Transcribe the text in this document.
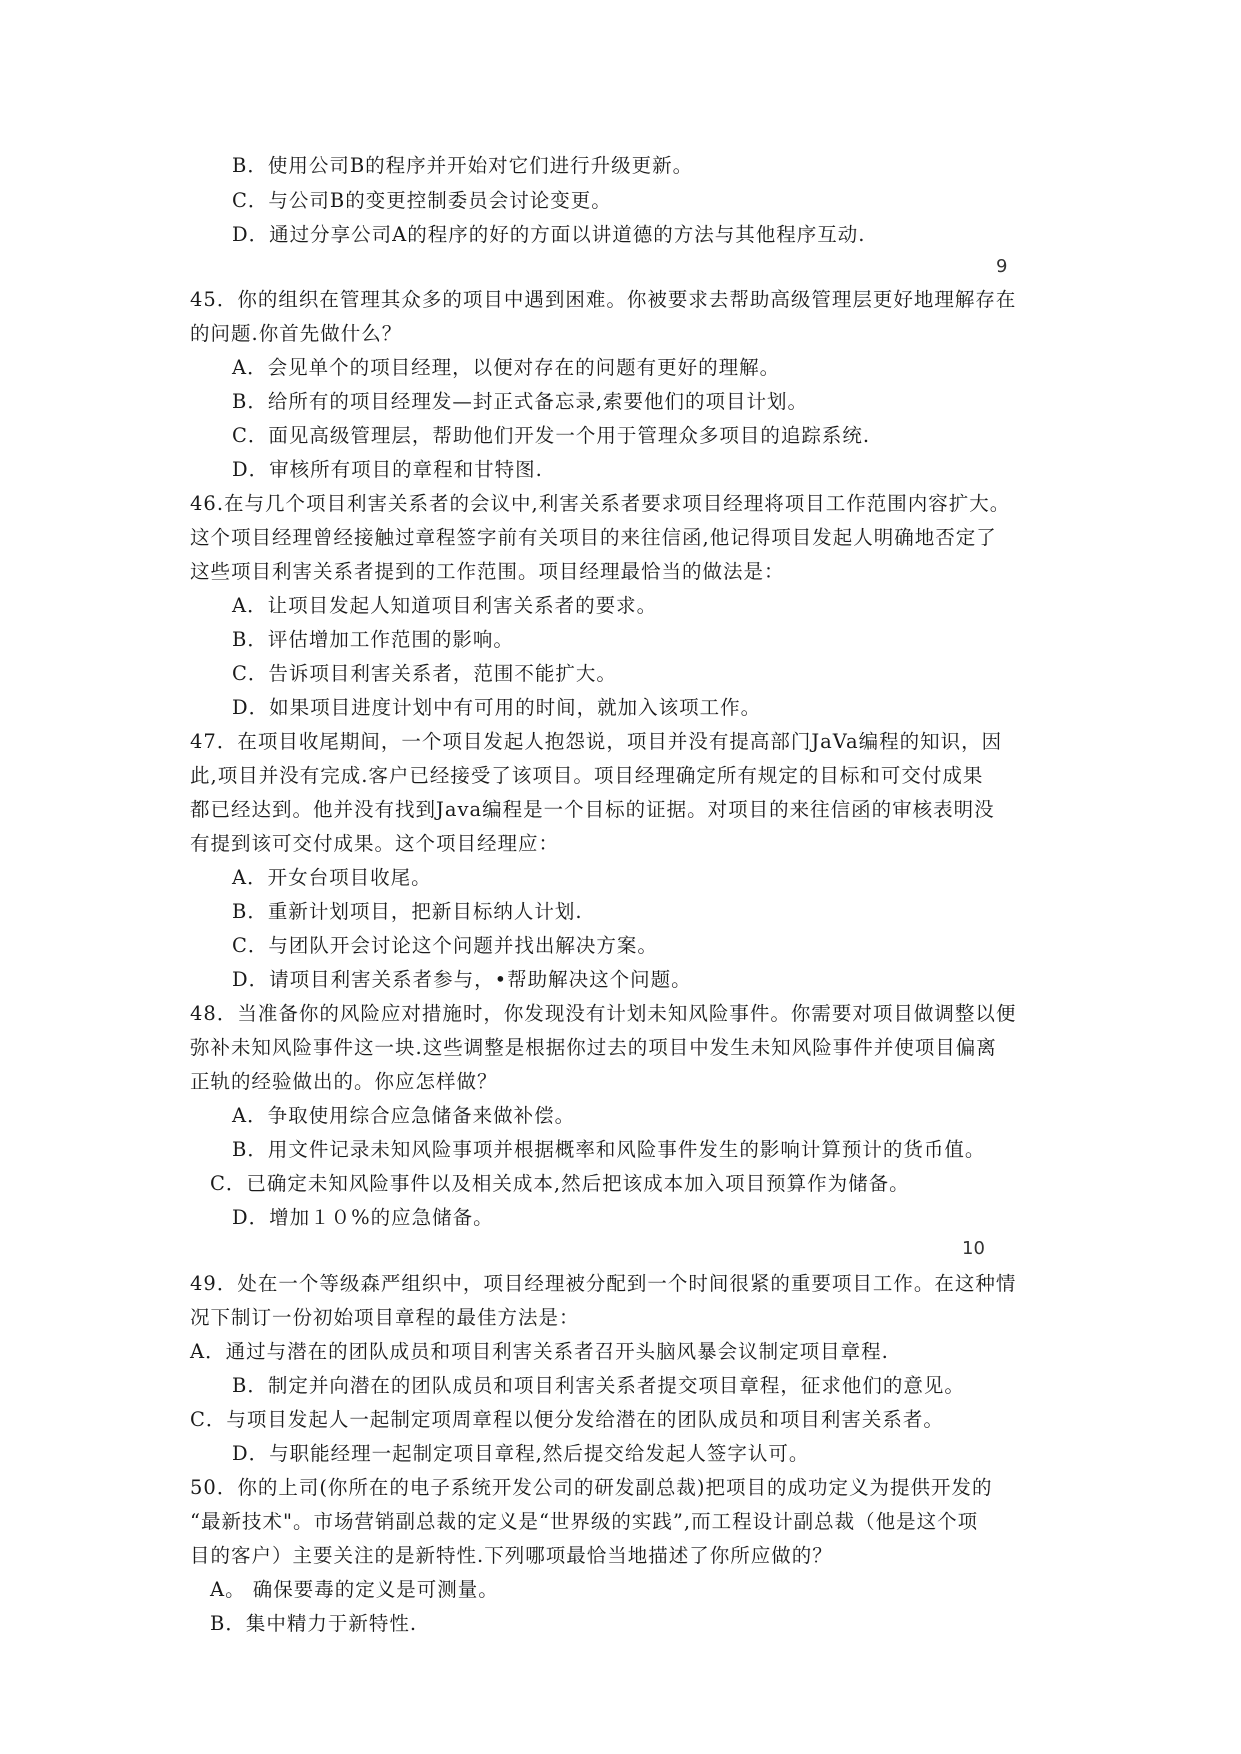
B．使用公司B的程序并开始对它们进行升级更新。
C．与公司B的变更控制委员会讨论变更。
D．通过分享公司A的程序的好的方面以讲道德的方法与其他程序互动.
9
45．你的组织在管理其众多的项目中遇到困难。你被要求去帮助高级管理层更好地理解存在
的问题.你首先做什么？
A．会见单个的项目经理，以便对存在的问题有更好的理解。
B．给所有的项目经理发—封正式备忘录,索要他们的项目计划。
C．面见高级管理层，帮助他们开发一个用于管理众多项目的追踪系统.
D．审核所有项目的章程和甘特图.
46.在与几个项目利害关系者的会议中,利害关系者要求项目经理将项目工作范围内容扩大。
这个项目经理曾经接触过章程签字前有关项目的来往信函,他记得项目发起人明确地否定了
这些项目利害关系者提到的工作范围。项目经理最恰当的做法是：
A．让项目发起人知道项目利害关系者的要求。
B．评估增加工作范围的影响。
C．告诉项目利害关系者，范围不能扩大。
D．如果项目进度计划中有可用的时间，就加入该项工作。
47．在项目收尾期间，一个项目发起人抱怨说，项目并没有提高部门JaVa编程的知识，因
此,项目并没有完成.客户已经接受了该项目。项目经理确定所有规定的目标和可交付成果
都已经达到。他并没有找到Java编程是一个目标的证据。对项目的来往信函的审核表明没
有提到该可交付成果。这个项目经理应：
A．开女台项目收尾。
B．重新计划项目，把新目标纳人计划.
C．与团队开会讨论这个问题并找出解决方案。
D．请项目利害关系者参与，•帮助解决这个问题。
48．当准备你的风险应对措施时，你发现没有计划未知风险事件。你需要对项目做调整以便
弥补未知风险事件这一块.这些调整是根据你过去的项目中发生未知风险事件并使项目偏离
正轨的经验做出的。你应怎样做？
A．争取使用综合应急储备来做补偿。
B．用文件记录未知风险事项并根据概率和风险事件发生的影响计算预计的货币值。
C．已确定未知风险事件以及相关成本,然后把该成本加入项目预算作为储备。
D．增加１０%的应急储备。
10
49．处在一个等级森严组织中，项目经理被分配到一个时间很紧的重要项目工作。在这种情
况下制订一份初始项目章程的最佳方法是：
A．通过与潜在的团队成员和项目利害关系者召开头脑风暴会议制定项目章程.
B．制定并向潜在的团队成员和项目利害关系者提交项目章程，征求他们的意见。
C．与项目发起人一起制定项周章程以便分发给潜在的团队成员和项目利害关系者。
D．与职能经理一起制定项目章程,然后提交给发起人签字认可。
50．你的上司(你所在的电子系统开发公司的研发副总裁)把项目的成功定义为提供开发的
“最新技术"。市场营销副总裁的定义是“世界级的实践”,而工程设计副总裁（他是这个项
目的客户）主要关注的是新特性.下列哪项最恰当地描述了你所应做的？
A。 确保要毒的定义是可测量。
B．集中精力于新特性.
